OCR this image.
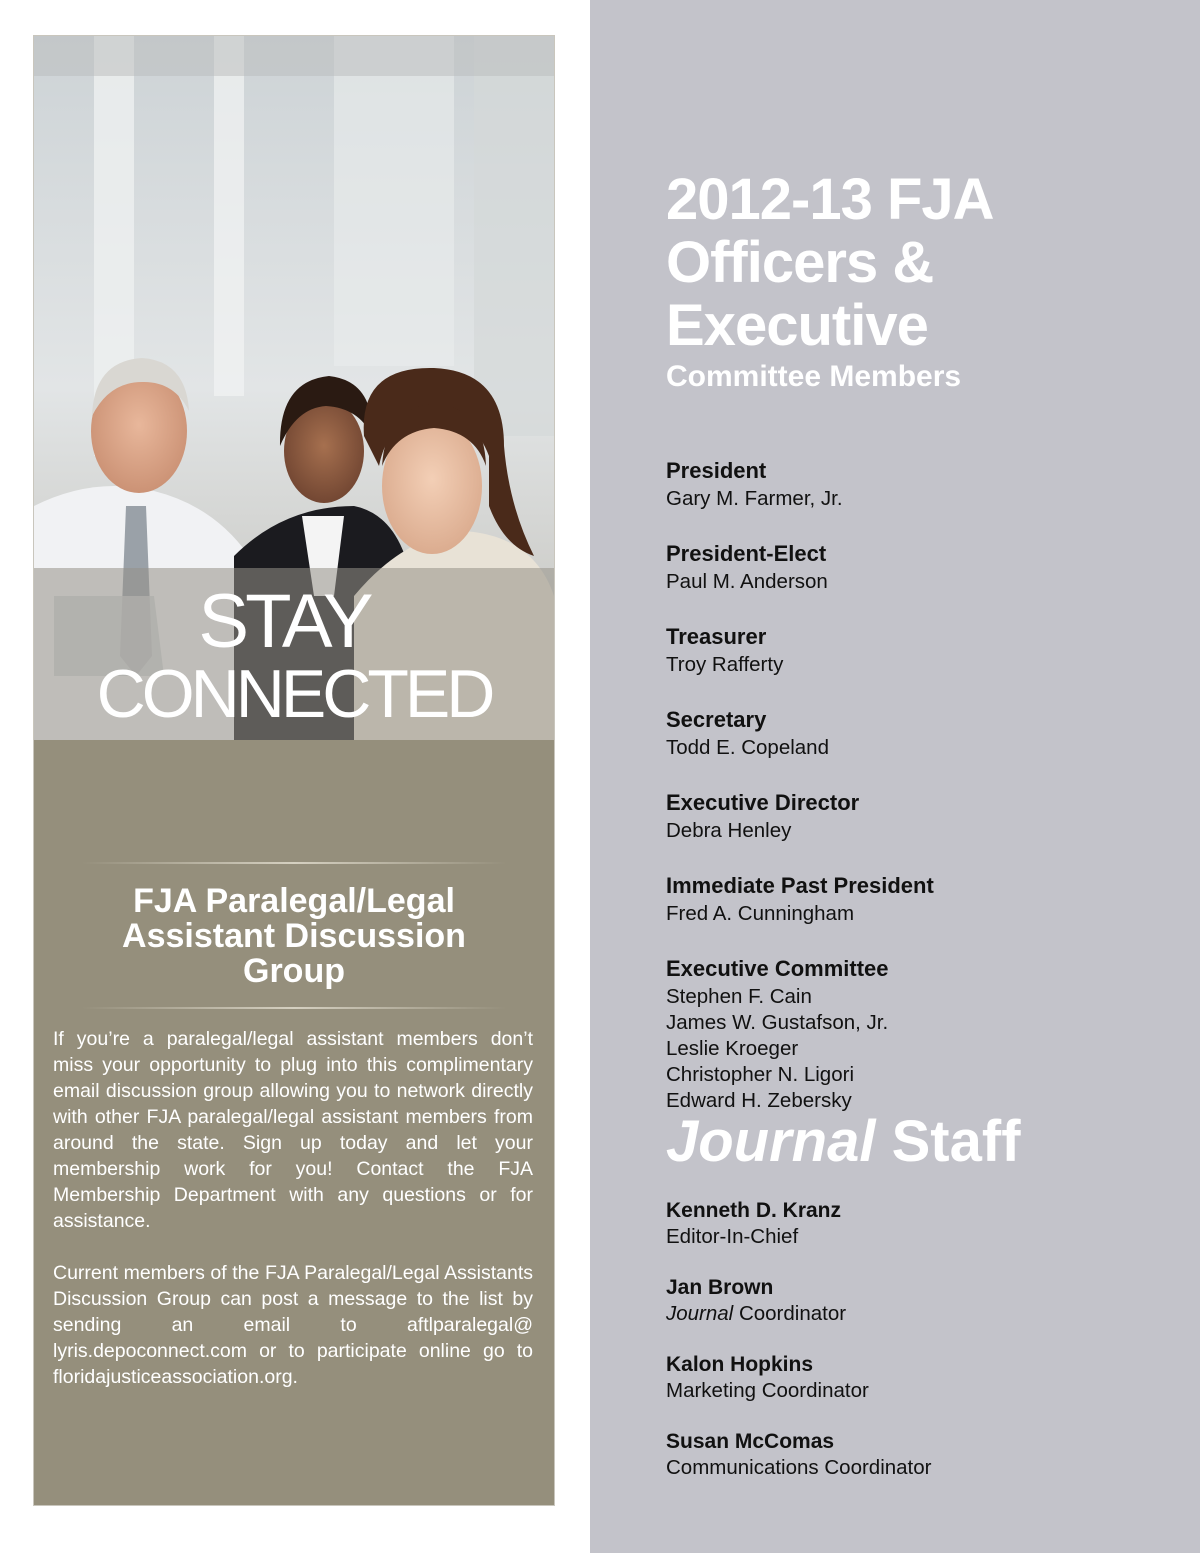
STAY
CONNECTED
FJA Paralegal/Legal
Assistant Discussion
Group

If you’re a paralegal/legal assistant members don’t miss your opportunity to plug into this complimentary email discussion group allowing you to network directly with other FJA paralegal/legal assistant members from around the state. Sign up today and let your membership work for you! Contact the FJA Membership Department with any questions or for assistance.

Current members of the FJA Paralegal/Legal Assistants Discussion Group can post a message to the list by sending an email to aftlparalegal@ lyris.depoconnect.com or to participate online go to floridajusticeassociation.org.

2012-13 FJA
Officers &
Executive
Committee Members
President
Gary M. Farmer, Jr.
President-Elect
Paul M. Anderson
Treasurer
Troy Rafferty
Secretary
Todd E. Copeland
Executive Director
Debra Henley
Immediate Past President
Fred A. Cunningham
Executive Committee
Stephen F. Cain
James W. Gustafson, Jr.
Leslie Kroeger
Christopher N. Ligori
Edward H. Zebersky
Journal Staff
Kenneth D. Kranz
Editor-In-Chief
Jan Brown
Journal Coordinator
Kalon Hopkins
Marketing Coordinator
Susan McComas
Communications Coordinator
